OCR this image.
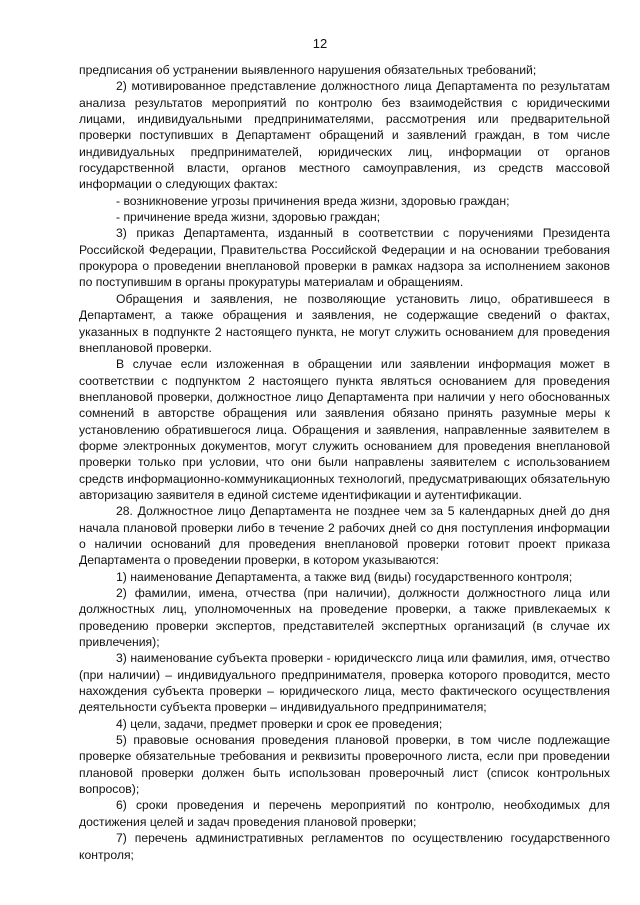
12

предписания об устранении выявленного нарушения обязательных требований;

2) мотивированное представление должностного лица Департамента по результатам анализа результатов мероприятий по контролю без взаимодействия с юридическими лицами, индивидуальными предпринимателями, рассмотрения или предварительной проверки поступивших в Департамент обращений и заявлений граждан, в том числе индивидуальных предпринимателей, юридических лиц, информации от органов государственной власти, органов местного самоуправления, из средств массовой информации о следующих фактах:

- возникновение угрозы причинения вреда жизни, здоровью граждан;

- причинение вреда жизни, здоровью граждан;

3) приказ Департамента, изданный в соответствии с поручениями Президента Российской Федерации, Правительства Российской Федерации и на основании требования прокурора о проведении внеплановой проверки в рамках надзора за исполнением законов по поступившим в органы прокуратуры материалам и обращениям.

Обращения и заявления, не позволяющие установить лицо, обратившееся в Департамент, а также обращения и заявления, не содержащие сведений о фактах, указанных в подпункте 2 настоящего пункта, не могут служить основанием для проведения внеплановой проверки.

В случае если изложенная в обращении или заявлении информация может в соответствии с подпунктом 2 настоящего пункта являться основанием для проведения внеплановой проверки, должностное лицо Департамента при наличии у него обоснованных сомнений в авторстве обращения или заявления обязано принять разумные меры к установлению обратившегося лица. Обращения и заявления, направленные заявителем в форме электронных документов, могут служить основанием для проведения внеплановой проверки только при условии, что они были направлены заявителем с использованием средств информационно-коммуникационных технологий, предусматривающих обязательную авторизацию заявителя в единой системе идентификации и аутентификации.

28. Должностное лицо Департамента не позднее чем за 5 календарных дней до дня начала плановой проверки либо в течение 2 рабочих дней со дня поступления информации о наличии оснований для проведения внеплановой проверки готовит проект приказа Департамента о проведении проверки, в котором указываются:

1) наименование Департамента, а также вид (виды) государственного контроля;

2) фамилии, имена, отчества (при наличии), должности должностного лица или должностных лиц, уполномоченных на проведение проверки, а также привлекаемых к проведению проверки экспертов, представителей экспертных организаций (в случае их привлечения);

3) наименование субъекта проверки - юридическсго лица или фамилия, имя, отчество (при наличии) – индивидуального предпринимателя, проверка которого проводится, место нахождения субъекта проверки – юридического лица, место фактического осуществления деятельности субъекта проверки – индивидуального предпринимателя;

4) цели, задачи, предмет проверки и срок ее проведения;

5) правовые основания проведения плановой проверки, в том числе подлежащие проверке обязательные требования и реквизиты проверочного листа, если при проведении плановой проверки должен быть использован проверочный лист (список контрольных вопросов);

6) сроки проведения и перечень мероприятий по контролю, необходимых для достижения целей и задач проведения плановой проверки;

7) перечень административных регламентов по осуществлению государственного контроля;
